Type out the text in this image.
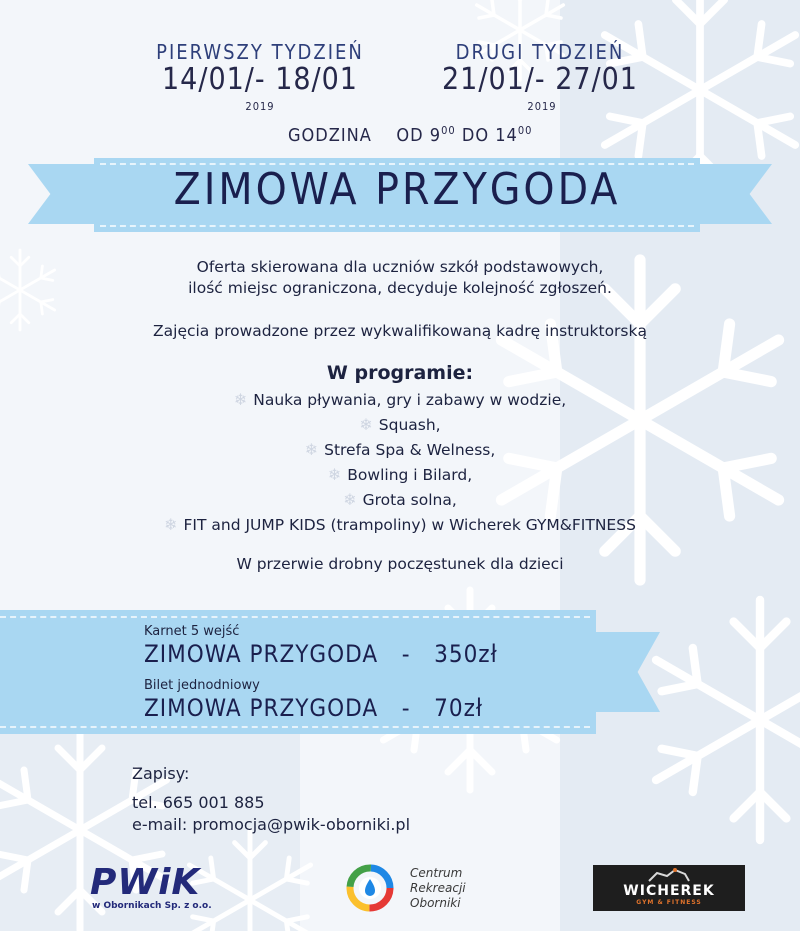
PIERWSZY TYDZIEŃ
14/01/- 18/01
2019
DRUGI TYDZIEŃ
21/01/- 27/01
2019
GODZINA OD $9^{00}$ DO $14^{00}$
ZIMOWA PRZYGODA
Oferta skierowana dla uczniów szkół podstawowych,
ilość miejsc ograniczona, decyduje kolejność zgłoszeń.
Zajęcia prowadzone przez wykwalifikowaną kadrę instruktorską
W programie:
❄ Nauka pływania, gry i zabawy w wodzie,
❄ Squash,
❄ Strefa Spa & Welness,
❄ Bowling i Bilard,
❄ Grota solna,
❄ FIT and JUMP KIDS (trampoliny) w Wicherek GYM&FITNESS
W przerwie drobny poczęstunek dla dzieci
Karnet 5 wejść
ZIMOWA PRZYGODA - 350zł
Bilet jednodniowy
ZIMOWA PRZYGODA - 70zł
Zapisy:
tel. 665 001 885
e-mail: promocja@pwik-oborniki.pl
PWiK
w Obornikach Sp. z o.o.
Centrum
Rekreacji
Oborniki
WICHEREK
GYM & FITNESS
